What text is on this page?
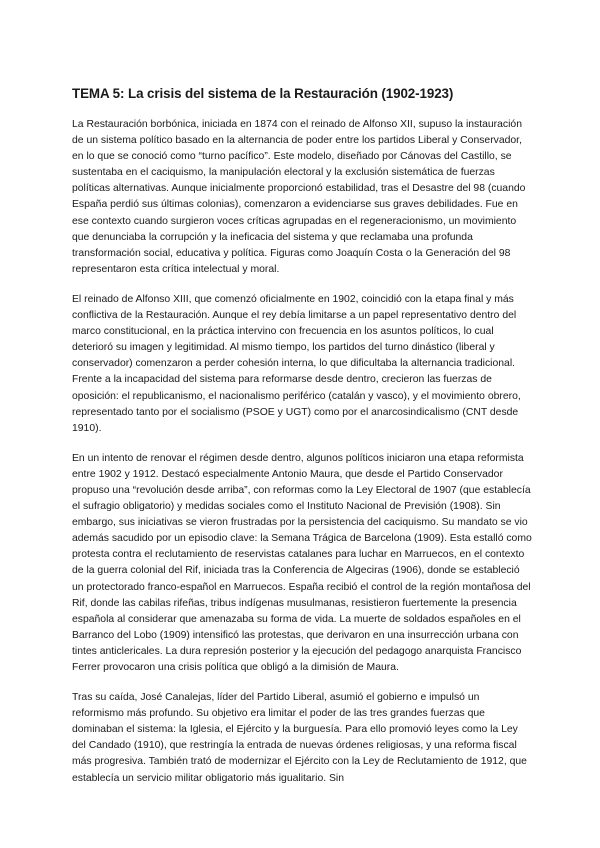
TEMA 5: La crisis del sistema de la Restauración (1902-1923)

La Restauración borbónica, iniciada en 1874 con el reinado de Alfonso XII, supuso la instauración de un sistema político basado en la alternancia de poder entre los partidos Liberal y Conservador, en lo que se conoció como “turno pacífico”. Este modelo, diseñado por Cánovas del Castillo, se sustentaba en el caciquismo, la manipulación electoral y la exclusión sistemática de fuerzas políticas alternativas. Aunque inicialmente proporcionó estabilidad, tras el Desastre del 98 (cuando España perdió sus últimas colonias), comenzaron a evidenciarse sus graves debilidades. Fue en ese contexto cuando surgieron voces críticas agrupadas en el regeneracionismo, un movimiento que denunciaba la corrupción y la ineficacia del sistema y que reclamaba una profunda transformación social, educativa y política. Figuras como Joaquín Costa o la Generación del 98 representaron esta crítica intelectual y moral.

El reinado de Alfonso XIII, que comenzó oficialmente en 1902, coincidió con la etapa final y más conflictiva de la Restauración. Aunque el rey debía limitarse a un papel representativo dentro del marco constitucional, en la práctica intervino con frecuencia en los asuntos políticos, lo cual deterioró su imagen y legitimidad. Al mismo tiempo, los partidos del turno dinástico (liberal y conservador) comenzaron a perder cohesión interna, lo que dificultaba la alternancia tradicional. Frente a la incapacidad del sistema para reformarse desde dentro, crecieron las fuerzas de oposición: el republicanismo, el nacionalismo periférico (catalán y vasco), y el movimiento obrero, representado tanto por el socialismo (PSOE y UGT) como por el anarcosindicalismo (CNT desde 1910).

En un intento de renovar el régimen desde dentro, algunos políticos iniciaron una etapa reformista entre 1902 y 1912. Destacó especialmente Antonio Maura, que desde el Partido Conservador propuso una “revolución desde arriba”, con reformas como la Ley Electoral de 1907 (que establecía el sufragio obligatorio) y medidas sociales como el Instituto Nacional de Previsión (1908). Sin embargo, sus iniciativas se vieron frustradas por la persistencia del caciquismo. Su mandato se vio además sacudido por un episodio clave: la Semana Trágica de Barcelona (1909). Esta estalló como protesta contra el reclutamiento de reservistas catalanes para luchar en Marruecos, en el contexto de la guerra colonial del Rif, iniciada tras la Conferencia de Algeciras (1906), donde se estableció un protectorado franco-español en Marruecos. España recibió el control de la región montañosa del Rif, donde las cabilas rifeñas, tribus indígenas musulmanas, resistieron fuertemente la presencia española al considerar que amenazaba su forma de vida. La muerte de soldados españoles en el Barranco del Lobo (1909) intensificó las protestas, que derivaron en una insurrección urbana con tintes anticlericales. La dura represión posterior y la ejecución del pedagogo anarquista Francisco Ferrer provocaron una crisis política que obligó a la dimisión de Maura.

Tras su caída, José Canalejas, líder del Partido Liberal, asumió el gobierno e impulsó un reformismo más profundo. Su objetivo era limitar el poder de las tres grandes fuerzas que dominaban el sistema: la Iglesia, el Ejército y la burguesía. Para ello promovió leyes como la Ley del Candado (1910), que restringía la entrada de nuevas órdenes religiosas, y una reforma fiscal más progresiva. También trató de modernizar el Ejército con la Ley de Reclutamiento de 1912, que establecía un servicio militar obligatorio más igualitario. Sin
